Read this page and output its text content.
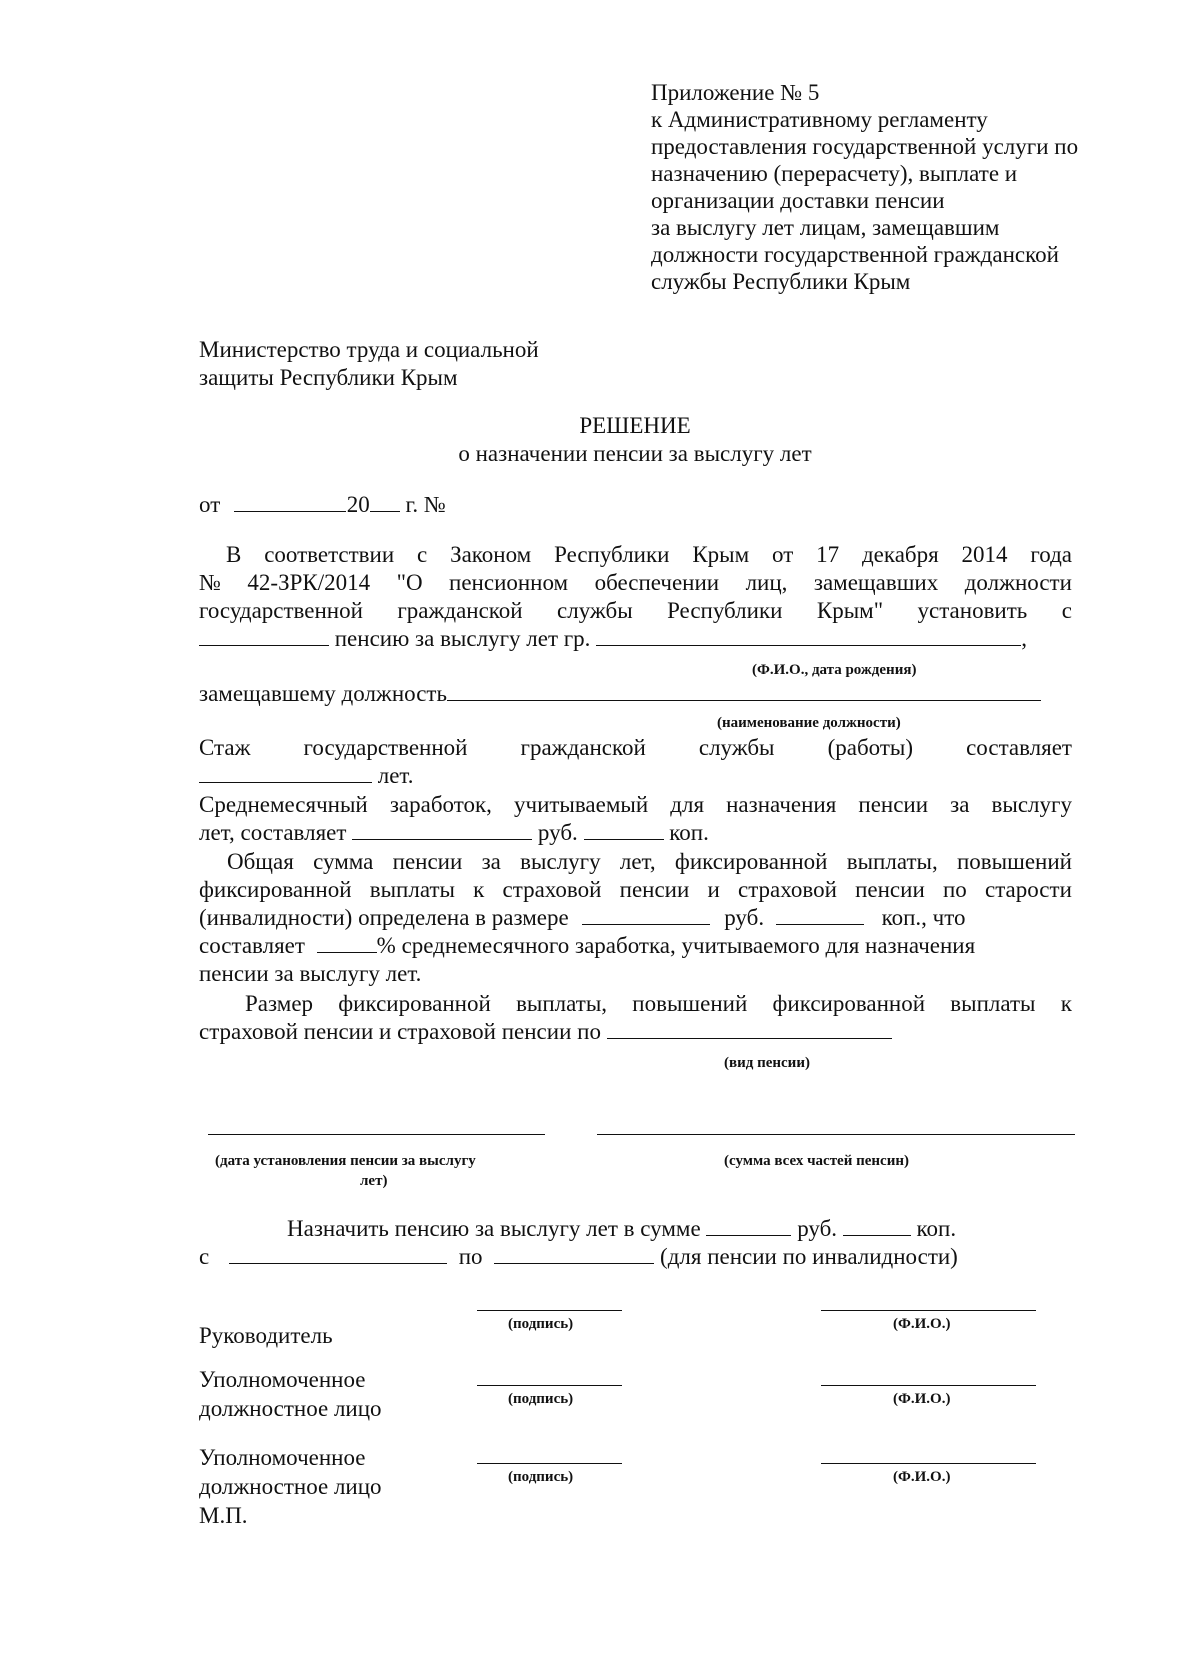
Приложение № 5
к Административному регламенту
предоставления государственной услуги по
назначению (перерасчету), выплате и
организации доставки пенсии
за выслугу лет лицам, замещавшим
должности государственной гражданской
службы Республики Крым
Министерство труда и социальной
защиты Республики Крым
РЕШЕНИЕ
о назначении пенсии за выслугу лет
от	20 г. №
В соответствии с Законом Республики Крым от 17 декабря 2014 года
№ 42-ЗРК/2014 "О пенсионном обеспечении лиц, замещавших должности
государственной гражданской службы Республики Крым" установить с
пенсию за выслугу лет гр.	,
(Ф.И.О., дата рождения)
замещавшему должность
(наименование должности)
Стаж государственной гражданской службы (работы) составляет
лет.
Среднемесячный заработок, учитываемый для назначения пенсии за выслугу
лет, составляет	руб.	коп.
Общая сумма пенсии за выслугу лет, фиксированной выплаты, повышений
фиксированной выплаты к страховой пенсии и страховой пенсии по старости
(инвалидности) определена в размере	руб.	коп., что
составляет	% среднемесячного заработка, учитываемого для назначения
пенсии за выслугу лет.
Размер фиксированной выплаты, повышений фиксированной выплаты к
страховой пенсии и страховой пенсии по
(вид пенсии)
(дата установления пенсии за выслугу
лет)
(сумма всех частей пенсин)
Назначить пенсию за выслугу лет в сумме	руб.	коп.
с	по	(для пенсии по инвалидности)
Руководитель	(подпись)	(Ф.И.О.)
Уполномоченное
должностное лицо	(подпись)	(Ф.И.О.)
Уполномоченное
должностное лицо	(подпись)	(Ф.И.О.)
М.П.
